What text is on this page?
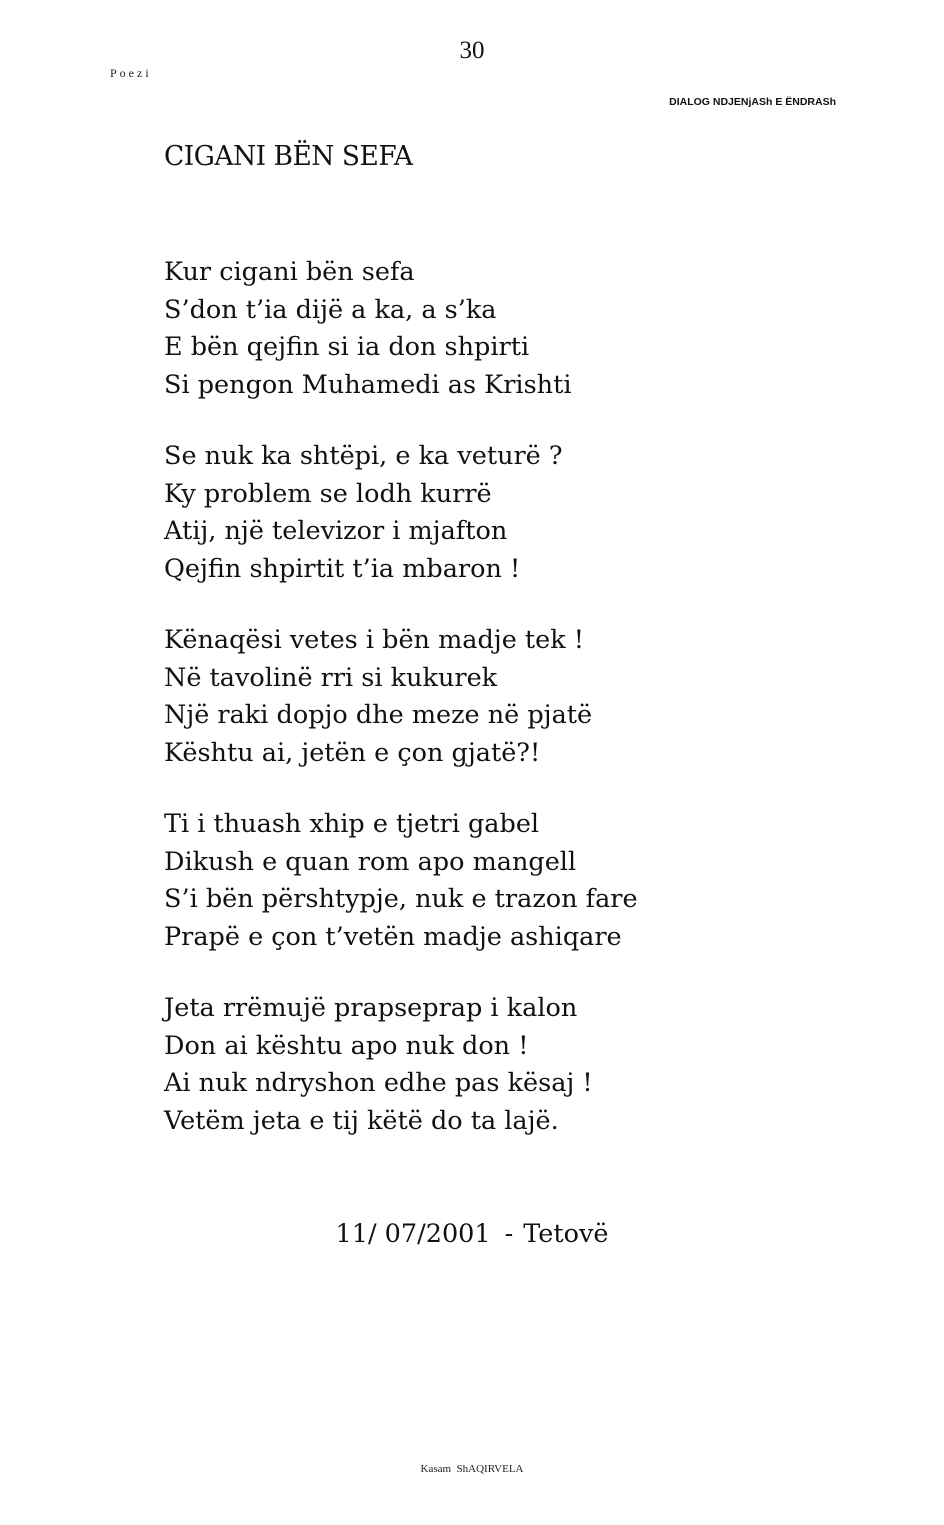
30
Poezi
DIALOG NDJENjASh E ËNDRASh
CIGANI BËN SEFA
Kur cigani bën sefa
S’don t’ia dijë a ka, a s’ka
E bën qejfin si ia don shpirti
Si pengon Muhamedi as Krishti
Se nuk ka shtëpi, e ka veturë ?
Ky problem se lodh kurrë
Atij, një televizor i mjafton
Qejfin shpirtit t’ia mbaron !
Kënaqësi vetes i bën madje tek !
Në tavolinë rri si kukurek
Një raki dopjo dhe meze në pjatë
Kështu ai, jetën e çon gjatë?!
Ti i thuash xhip e tjetri gabel
Dikush e quan rom apo mangell
S’i bën përshtypje, nuk e trazon fare
Prapë e çon t’vetën madje ashiqare
Jeta rrëmujë prapseprap i kalon
Don ai kështu apo nuk don !
Ai nuk ndryshon edhe pas kësaj !
Vetëm jeta e tij këtë do ta lajë.
11/ 07/2001 - Tetovë
Kasam  ShAQIRVELA
